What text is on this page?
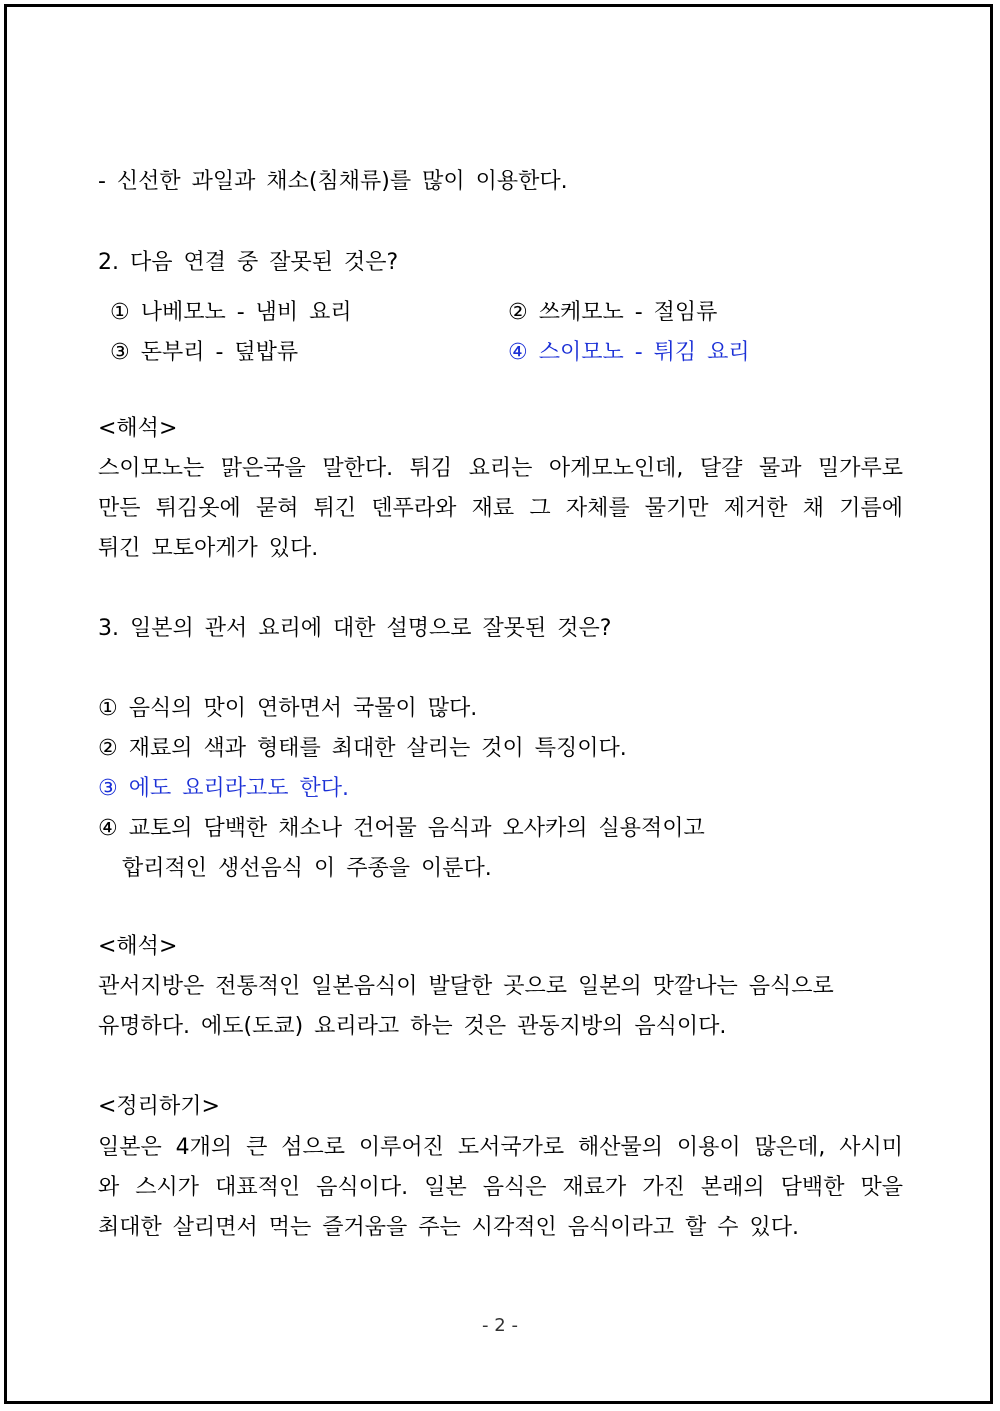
- 신선한 과일과 채소(침채류)를 많이 이용한다.
2. 다음 연결 중 잘못된 것은?
① 나베모노 - 냄비 요리	② 쓰케모노 - 절임류
③ 돈부리 - 덮밥류	④ 스이모노 - 튀김 요리
<해석>
스이모노는 맑은국을 말한다. 튀김 요리는 아게모노인데, 달걀 물과 밀가루로
만든 튀김옷에 묻혀 튀긴 덴푸라와 재료 그 자체를 물기만 제거한 채 기름에
튀긴 모토아게가 있다.
3. 일본의 관서 요리에 대한 설명으로 잘못된 것은?
① 음식의 맛이 연하면서 국물이 많다.
② 재료의 색과 형태를 최대한 살리는 것이 특징이다.
③ 에도 요리라고도 한다.
④ 교토의 담백한 채소나 건어물 음식과 오사카의 실용적이고
합리적인 생선음식 이 주종을 이룬다.
<해석>
관서지방은 전통적인 일본음식이 발달한 곳으로 일본의 맛깔나는 음식으로
유명하다. 에도(도쿄) 요리라고 하는 것은 관동지방의 음식이다.
<정리하기>
일본은 4개의 큰 섬으로 이루어진 도서국가로 해산물의 이용이 많은데, 사시미
와 스시가 대표적인 음식이다. 일본 음식은 재료가 가진 본래의 담백한 맛을
최대한 살리면서 먹는 즐거움을 주는 시각적인 음식이라고 할 수 있다.
- 2 -
